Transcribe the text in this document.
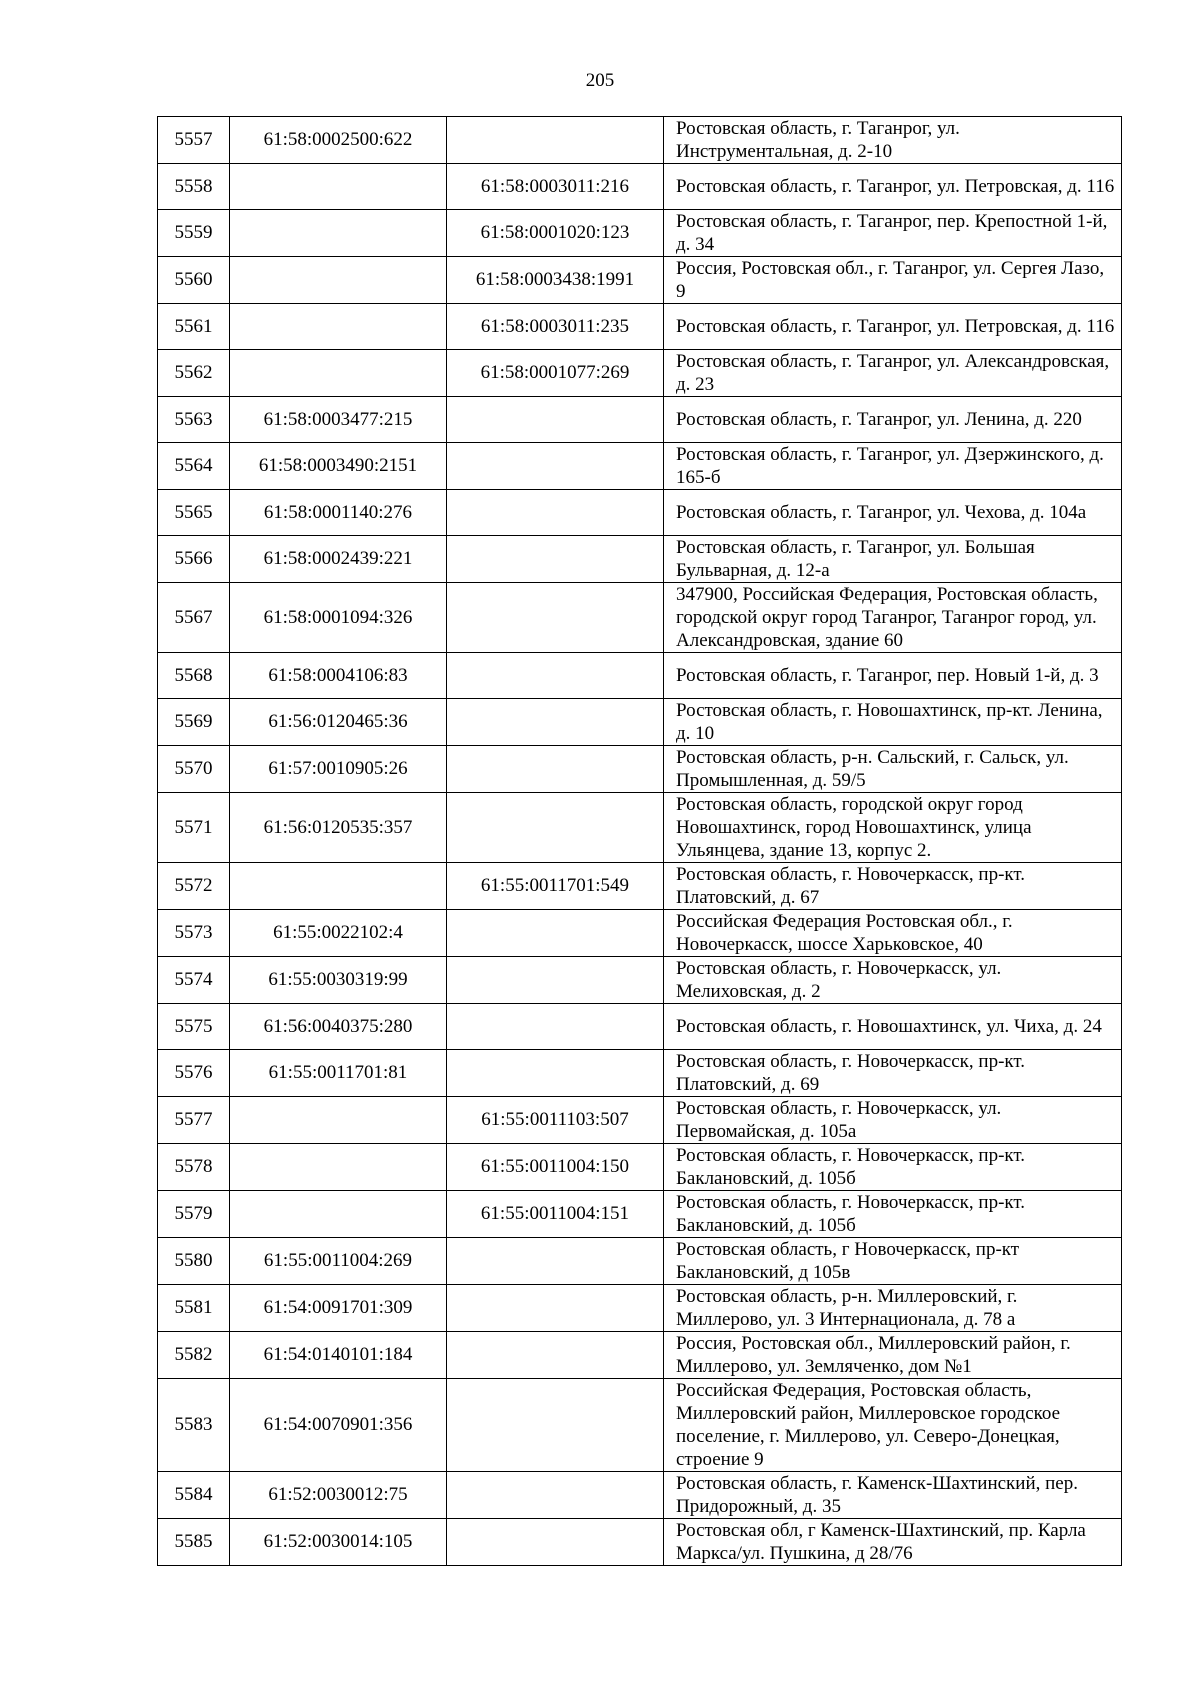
205
5557	61:58:0002500:622		Ростовская область, г. Таганрог, ул. Инструментальная, д. 2-10
5558		61:58:0003011:216	Ростовская область, г. Таганрог, ул. Петровская, д. 116
5559		61:58:0001020:123	Ростовская область, г. Таганрог, пер. Крепостной 1-й, д. 34
5560		61:58:0003438:1991	Россия, Ростовская обл., г. Таганрог, ул. Сергея Лазо, 9
5561		61:58:0003011:235	Ростовская область, г. Таганрог, ул. Петровская, д. 116
5562		61:58:0001077:269	Ростовская область, г. Таганрог, ул. Александровская, д. 23
5563	61:58:0003477:215		Ростовская область, г. Таганрог, ул. Ленина, д. 220
5564	61:58:0003490:2151		Ростовская область, г. Таганрог, ул. Дзержинского, д. 165-б
5565	61:58:0001140:276		Ростовская область, г. Таганрог, ул. Чехова, д. 104а
5566	61:58:0002439:221		Ростовская область, г. Таганрог, ул. Большая Бульварная, д. 12-а
5567	61:58:0001094:326		347900, Российская Федерация, Ростовская область, городской округ город Таганрог, Таганрог город, ул. Александровская, здание 60
5568	61:58:0004106:83		Ростовская область, г. Таганрог, пер. Новый 1-й, д. 3
5569	61:56:0120465:36		Ростовская область, г. Новошахтинск, пр-кт. Ленина, д. 10
5570	61:57:0010905:26		Ростовская область, р-н. Сальский, г. Сальск, ул. Промышленная, д. 59/5
5571	61:56:0120535:357		Ростовская область, городской округ город Новошахтинск, город Новошахтинск, улица Ульянцева, здание 13, корпус 2.
5572		61:55:0011701:549	Ростовская область, г. Новочеркасск, пр-кт. Платовский, д. 67
5573	61:55:0022102:4		Российская Федерация Ростовская обл., г. Новочеркасск, шоссе Харьковское, 40
5574	61:55:0030319:99		Ростовская область, г. Новочеркасск, ул. Мелиховская, д. 2
5575	61:56:0040375:280		Ростовская область, г. Новошахтинск, ул. Чиха, д. 24
5576	61:55:0011701:81		Ростовская область, г. Новочеркасск, пр-кт. Платовский, д. 69
5577		61:55:0011103:507	Ростовская область, г. Новочеркасск, ул. Первомайская, д. 105а
5578		61:55:0011004:150	Ростовская область, г. Новочеркасск, пр-кт. Баклановский, д. 105б
5579		61:55:0011004:151	Ростовская область, г. Новочеркасск, пр-кт. Баклановский, д. 105б
5580	61:55:0011004:269		Ростовская область, г Новочеркасск, пр-кт Баклановский, д 105в
5581	61:54:0091701:309		Ростовская область, р-н. Миллеровский, г. Миллерово, ул. 3 Интернационала, д. 78 а
5582	61:54:0140101:184		Россия, Ростовская обл., Миллеровский район, г. Миллерово, ул. Земляченко, дом №1
5583	61:54:0070901:356		Российская Федерация, Ростовская область, Миллеровский район, Миллеровское городское поселение, г. Миллерово, ул. Северо-Донецкая, строение 9
5584	61:52:0030012:75		Ростовская область, г. Каменск-Шахтинский, пер. Придорожный, д. 35
5585	61:52:0030014:105		Ростовская обл, г Каменск-Шахтинский, пр. Карла Маркса/ул. Пушкина, д 28/76
